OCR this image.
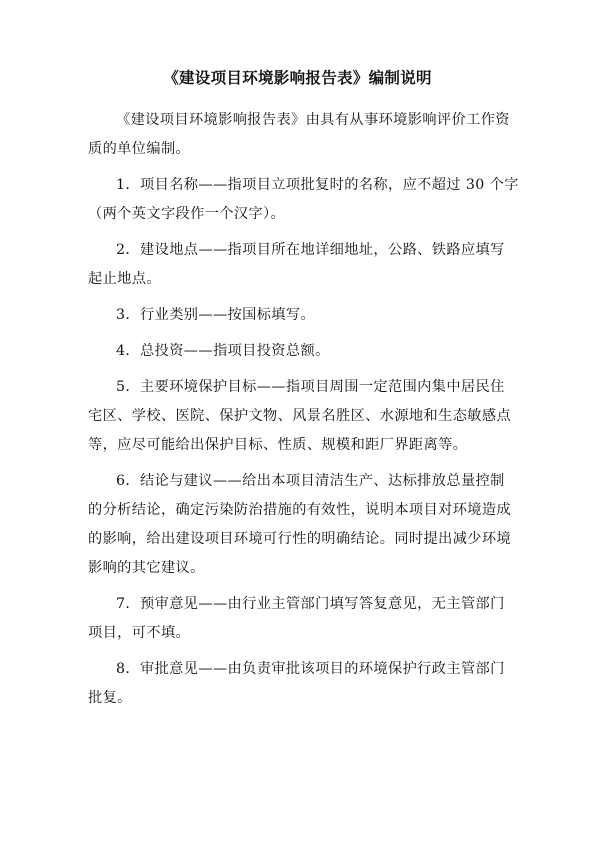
《建设项目环境影响报告表》编制说明

《建设项目环境影响报告表》由具有从事环境影响评价工作资
质的单位编制。

1．项目名称——指项目立项批复时的名称，应不超过 30 个字
（两个英文字段作一个汉字）。

2．建设地点——指项目所在地详细地址，公路、铁路应填写
起止地点。

3．行业类别——按国标填写。

4．总投资——指项目投资总额。

5．主要环境保护目标——指项目周围一定范围内集中居民住
宅区、学校、医院、保护文物、风景名胜区、水源地和生态敏感点
等，应尽可能给出保护目标、性质、规模和距厂界距离等。

6．结论与建议——给出本项目清洁生产、达标排放总量控制
的分析结论，确定污染防治措施的有效性，说明本项目对环境造成
的影响，给出建设项目环境可行性的明确结论。同时提出减少环境
影响的其它建议。

7．预审意见——由行业主管部门填写答复意见，无主管部门
项目，可不填。

8．审批意见——由负责审批该项目的环境保护行政主管部门
批复。
